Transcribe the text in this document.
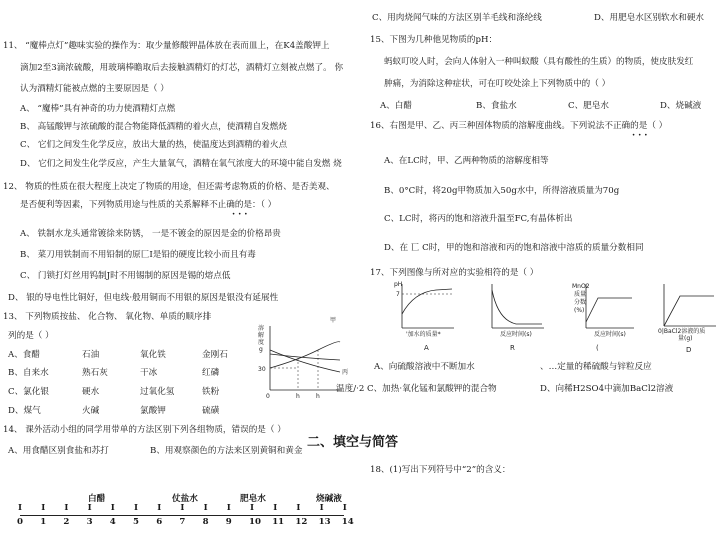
11、 “魔棒点灯”趣味实验的操作为：取少量修酸钾晶体放在表而皿上，在K4盖酸钾上
滴加2至3滴浓硫酸，用玻璃棒瞻取后去接触酒精灯的灯芯，酒精灯立刻被点燃了。 你
认为酒精灯能被点燃的主要原因是（ ）
A、 “魔棒”具有神奇的功力使酒精灯点燃
B、 高锰酸钾与浓硫酸的混合物能降低酒精的着火点，使酒精自发燃烧
C、 它们之间发生化学反应，放出大量的热，使温度达到酒精的着火点
D、 它们之间发生化学反应，产生大量氧气，酒精在氧气浓度大的环境中能自发燃 烧
12、 物质的性质在很大程度上决定了物质的用途，但还需考虑物质的价格、是否美观、
是否便利等因素，下列物质用途与性质的关系解释不止确的是：（ ）
···
A、 铁制水龙头通常镀徐来防锈， 一是不镀金的原因是金的价格昂贵
B、 菜刀用铁制而不用铅制的原匚I是铅的硬度比较小而且有毒
C、 门锁打灯丝用钨制J时不用锡制的原因是锡的熔点低
D、 银的导电性比铜好，但电线·般用铜而不用银的原因是银没有延展性
13、 下列物质按盐、 化合物、 氧化物、单质的顺序排
列的是（ ）
A、食醋	石油	氧化铁	金刚石
B、自来水	熟石灰	干冰	红磷
C、氯化银	硬水	过氧化氢	铁粉
D、煤气	火碱	氯酸钾	硫磺
溶
解
度
g
甲
30
0	h	h
丙
14、 课外活动小组的同学用带单的方法区别下列各组物质，错误的是（ ）
A、用食醋区别食盐和苏打	B、用观察颜色的方法来区别黄铜和黄金
二、填空与简答
18、(1)写出下列符号中“2”的含义：
白醋	仗盐水	肥皂水	烧碱液
I I I I I I I I I I I I I I I
0 1 2 3 4 5 6 7 8 9 10 11 12 13 14
C、用肉烧闻气味的方法区别羊毛线和涤纶线	D、用肥皂水区别软水和硬水
15、下图为几种他见物质的pH：
蚂蚁叮咬人时，会向人体射入一种叫蚁酸（具有酸性的生质）的物质，使皮肤发红
肿痛，为消除这种症状，可在叮咬处涂上下列物质中的（ ）
A、白醋	B、食盐水	C、肥皂水	D、烧碱液
16、右图是甲、乙、丙三种固体物质的溶解度曲线。下列说法不正确的是（ ）
···
A、在LC时，甲、乙两种物质的溶解度相等
B、0°C时，将20g甲物质加入50g水中，所得溶液质量为70g
C、LC时，将丙的饱和溶液升温至FC,有晶体析出
D、在 匸 C时，甲的饱和溶液和丙的饱和溶液中溶质的质量分数相同
17、下列图像与所对应的实验相符的是（ ）
pH
7
'加水的质量*
A
反应时间(s)
R
MnO2
质量
分数
(%)
反应时间(s)
(
0|BaCl2溶液的质
量(g)
D
A、向硫酸溶液中不断加水	、…定量的稀硫酸与锌粒反应
温度/·2 C、加热·氧化锰和氯酸钾的混合物	D、向稀H2SO4中滴加BaCl2溶液
